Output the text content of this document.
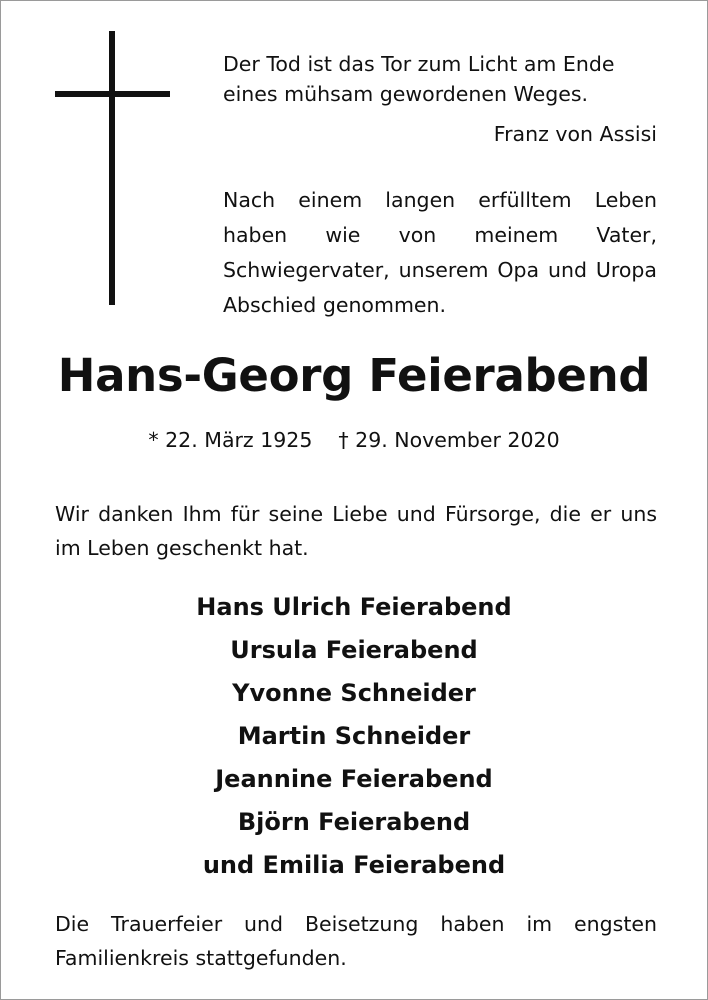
Der Tod ist das Tor zum Licht am Ende
eines mühsam gewordenen Weges.
Franz von Assisi
Nach einem langen erfülltem Leben haben wie von meinem Vater, Schwiegervater, unserem Opa und Uropa Abschied genommen.
Hans-Georg Feierabend
* 22. März 1925 † 29. November 2020
Wir danken Ihm für seine Liebe und Fürsorge, die er uns im Leben geschenkt hat.
Hans Ulrich Feierabend
Ursula Feierabend
Yvonne Schneider
Martin Schneider
Jeannine Feierabend
Björn Feierabend
und Emilia Feierabend
Die Trauerfeier und Beisetzung haben im engsten Familienkreis stattgefunden.
